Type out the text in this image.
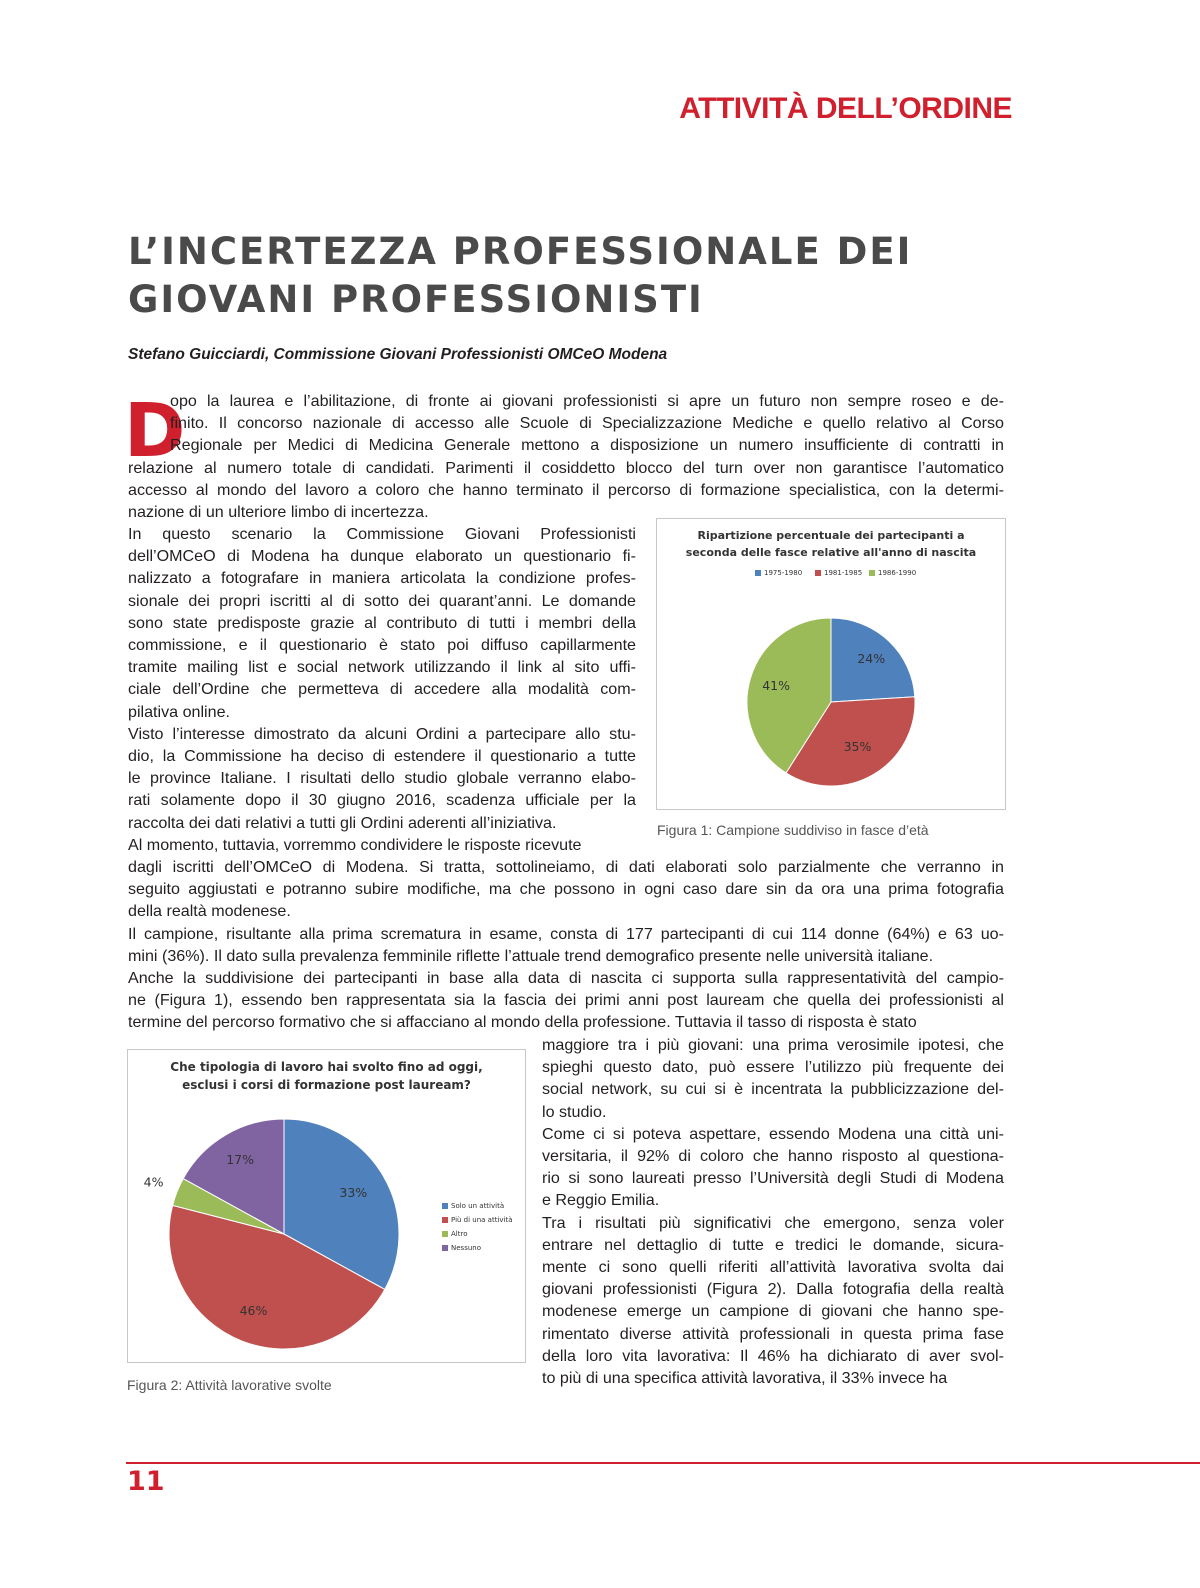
ATTIVITÀ DELL’ORDINE
L’INCERTEZZA PROFESSIONALE DEI
GIOVANI PROFESSIONISTI
Stefano Guicciardi, Commissione Giovani Professionisti OMCeO Modena
D
opo la laurea e l’abilitazione, di fronte ai giovani professionisti si apre un futuro non sempre roseo e de-
finito. Il concorso nazionale di accesso alle Scuole di Specializzazione Mediche e quello relativo al Corso
Regionale per Medici di Medicina Generale mettono a disposizione un numero insufficiente di contratti in
relazione al numero totale di candidati. Parimenti il cosiddetto blocco del turn over non garantisce l’automatico
accesso al mondo del lavoro a coloro che hanno terminato il percorso di formazione specialistica, con la determi-
nazione di un ulteriore limbo di incertezza.
In questo scenario la Commissione Giovani Professionisti
dell’OMCeO di Modena ha dunque elaborato un questionario fi-
nalizzato a fotografare in maniera articolata la condizione profes-
sionale dei propri iscritti al di sotto dei quarant’anni. Le domande
sono state predisposte grazie al contributo di tutti i membri della
commissione, e il questionario è stato poi diffuso capillarmente
tramite mailing list e social network utilizzando il link al sito uffi-
ciale dell’Ordine che permetteva di accedere alla modalità com-
pilativa online.
Visto l’interesse dimostrato da alcuni Ordini a partecipare allo stu-
dio, la Commissione ha deciso di estendere il questionario a tutte
le province Italiane. I risultati dello studio globale verranno elabo-
rati solamente dopo il 30 giugno 2016, scadenza ufficiale per la
raccolta dei dati relativi a tutti gli Ordini aderenti all’iniziativa.
Al momento, tuttavia, vorremmo condividere le risposte ricevute
dagli iscritti dell’OMCeO di Modena. Si tratta, sottolineiamo, di dati elaborati solo parzialmente che verranno in
seguito aggiustati e potranno subire modifiche, ma che possono in ogni caso dare sin da ora una prima fotografia
della realtà modenese.
Il campione, risultante alla prima scrematura in esame, consta di 177 partecipanti di cui 114 donne (64%) e 63 uo-
mini (36%). Il dato sulla prevalenza femminile riflette l’attuale trend demografico presente nelle università italiane.
Anche la suddivisione dei partecipanti in base alla data di nascita ci supporta sulla rappresentatività del campio-
ne (Figura 1), essendo ben rappresentata sia la fascia dei primi anni post lauream che quella dei professionisti al
termine del percorso formativo che si affacciano al mondo della professione. Tuttavia il tasso di risposta è stato
maggiore tra i più giovani: una prima verosimile ipotesi, che
spieghi questo dato, può essere l’utilizzo più frequente dei
social network, su cui si è incentrata la pubblicizzazione del-
lo studio.
Come ci si poteva aspettare, essendo Modena una città uni-
versitaria, il 92% di coloro che hanno risposto al questiona-
rio si sono laureati presso l’Università degli Studi di Modena
e Reggio Emilia.
Tra i risultati più significativi che emergono, senza voler
entrare nel dettaglio di tutte e tredici le domande, sicura-
mente ci sono quelli riferiti all’attività lavorativa svolta dai
giovani professionisti (Figura 2). Dalla fotografia della realtà
modenese emerge un campione di giovani che hanno spe-
rimentato diverse attività professionali in questa prima fase
della loro vita lavorativa: Il 46% ha dichiarato di aver svol-
to più di una specifica attività lavorativa, il 33% invece ha
Ripartizione percentuale dei partecipanti a
seconda delle fasce relative all'anno di nascita
1975-1980	1981-1985	1986-1990
24%
35%
41%
Figura 1: Campione suddiviso in fasce d’età
Che tipologia di lavoro hai svolto fino ad oggi,
esclusi i corsi di formazione post lauream?
Solo un attività
Più di una attività
Altro
Nessuno
33%
46%
4%
17%
Figura 2: Attività lavorative svolte
11
